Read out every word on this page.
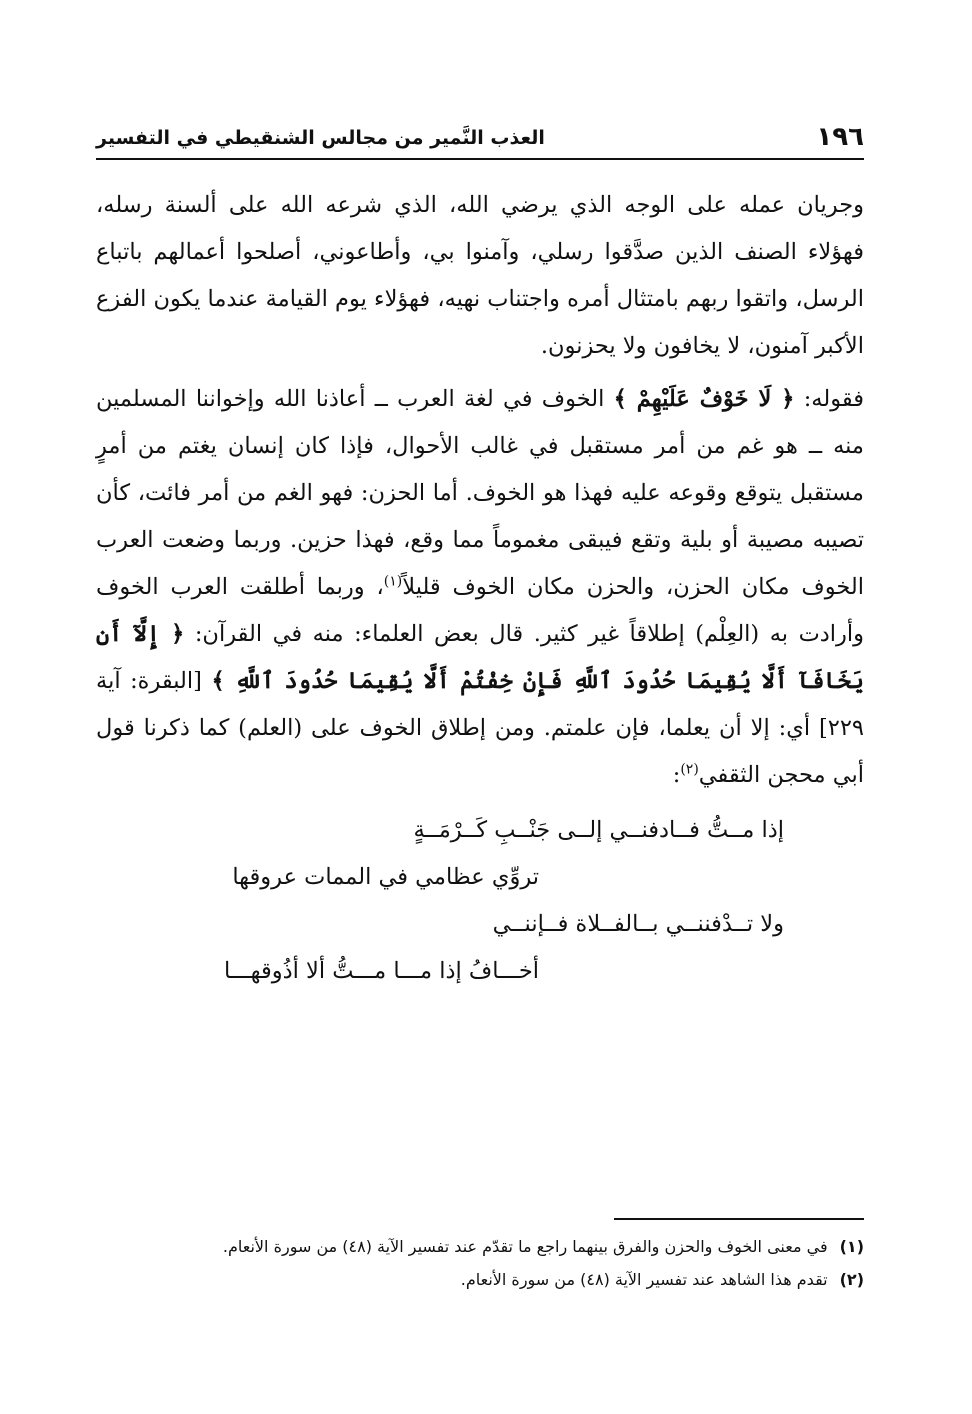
١٩٦
العذب النَّمير من مجالس الشنقيطي في التفسير

وجريان عمله على الوجه الذي يرضي الله، الذي شرعه الله على ألسنة رسله، فهؤلاء الصنف الذين صدَّقوا رسلي، وآمنوا بي، وأطاعوني، أصلحوا أعمالهم باتباع الرسل، واتقوا ربهم بامتثال أمره واجتناب نهيه، فهؤلاء يوم القيامة عندما يكون الفزع الأكبر آمنون، لا يخافون ولا يحزنون.

فقوله: ﴿ لَا خَوْفٌ عَلَيْهِمْ ﴾ الخوف في لغة العرب ــ أعاذنا الله وإخواننا المسلمين منه ــ هو غم من أمر مستقبل في غالب الأحوال، فإذا كان إنسان يغتم من أمرٍ مستقبل يتوقع وقوعه عليه فهذا هو الخوف. أما الحزن: فهو الغم من أمر فائت، كأن تصيبه مصيبة أو بلية وتقع فيبقى مغموماً مما وقع، فهذا حزين. وربما وضعت العرب الخوف مكان الحزن، والحزن مكان الخوف قليلاً$^{(١)}$، وربما أطلقت العرب الخوف وأرادت به (العِلْم) إطلاقاً غير كثير. قال بعض العلماء: منه في القرآن: ﴿ إِلَّآ أَن يَخَافَآ أَلَّا يُقِيمَا حُدُودَ ٱللَّهِ فَإِنْ خِفْتُمْ أَلَّا يُقِيمَا حُدُودَ ٱللَّهِ ﴾ [البقرة: آية ٢٢٩] أي: إلا أن يعلما، فإن علمتم. ومن إطلاق الخوف على (العلم) كما ذكرنا قول أبي محجن الثقفي$^{(٢)}$:

إذا مــتُّ فــادفنــي إلــى جَنْــبِ كَــرْمَــةٍ
تروِّي عظامي في الممات عروقها
ولا تــدْفننــي بــالفــلاة فــإننــي
أخـــافُ إذا مـــا مـــتُّ ألا أذُوقهـــا
(١)
في معنى الخوف والحزن والفرق بينهما راجع ما تقدّم عند تفسير الآية (٤٨) من سورة الأنعام.
(٢)
تقدم هذا الشاهد عند تفسير الآية (٤٨) من سورة الأنعام.
